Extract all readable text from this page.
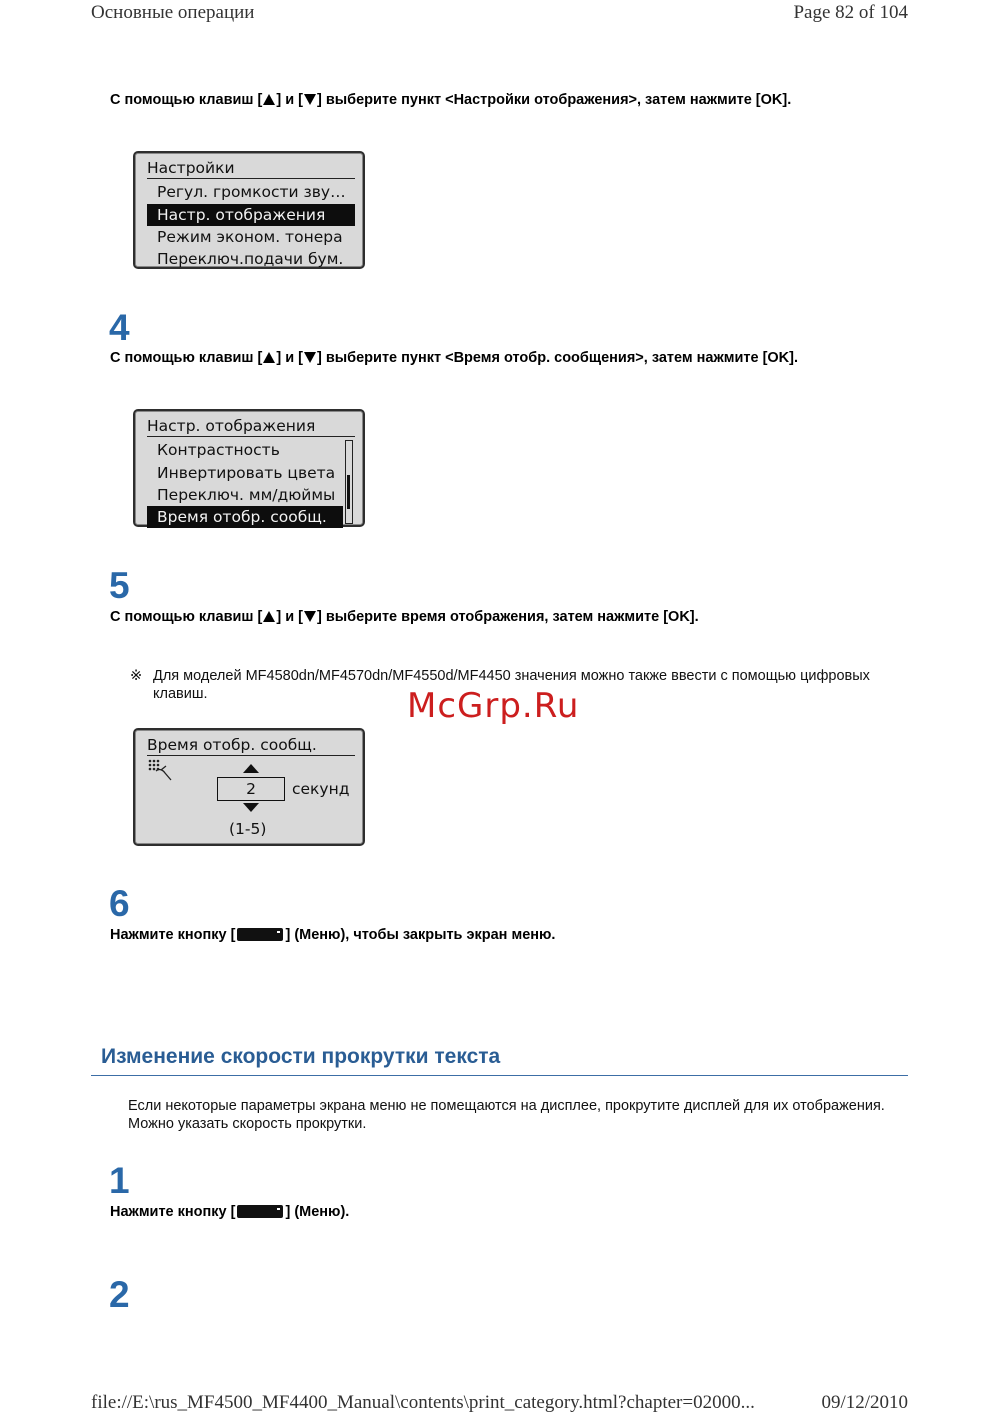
Основные операции	Page 82 of 104
С помощью клавиш [ ] и [ ] выберите пункт <Настройки отображения>, затем нажмите [OK].
Настройки
Регул. громкости зву…
Настр. отображения
Режим эконом. тонера
Переключ.подачи бум.
4
С помощью клавиш [ ] и [ ] выберите пункт <Время отобр. сообщения>, затем нажмите [OK].
Настр. отображения
Контрастность
Инвертировать цвета
Переключ. мм/дюймы
Время отобр. сообщ.
5
С помощью клавиш [ ] и [ ] выберите время отображения, затем нажмите [OK].
※ Для моделей MF4580dn/MF4570dn/MF4550d/MF4450 значения можно также ввести с помощью цифровых клавиш.	McGrp.Ru
Время отобр. сообщ.
2	секунд
(1-5)
6
Нажмите кнопку [	] (Меню), чтобы закрыть экран меню.
Изменение скорости прокрутки текста
Если некоторые параметры экрана меню не помещаются на дисплее, прокрутите дисплей для их отображения. Можно указать скорость прокрутки.
1
Нажмите кнопку [	] (Меню).
2
file://E:\rus_MF4500_MF4400_Manual\contents\print_category.html?chapter=02000...	09/12/2010
